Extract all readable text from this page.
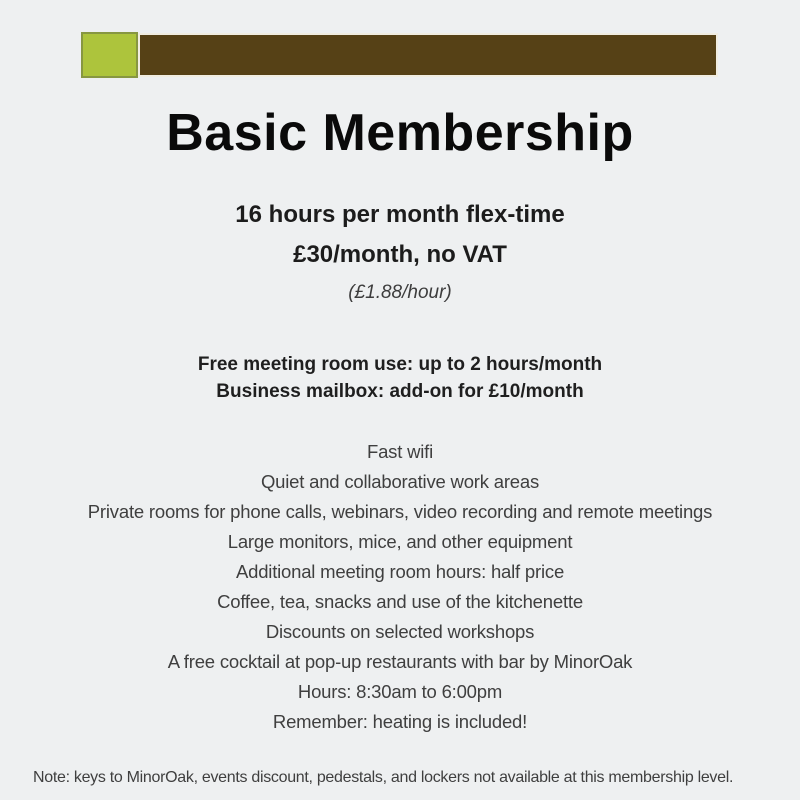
Basic Membership
16 hours per month flex-time
£30/month, no VAT
(£1.88/hour)
Free meeting room use: up to 2 hours/month
Business mailbox: add-on for £10/month
Fast wifi
Quiet and collaborative work areas
Private rooms for phone calls, webinars, video recording and remote meetings
Large monitors, mice, and other equipment
Additional meeting room hours: half price
Coffee, tea, snacks and use of the kitchenette
Discounts on selected workshops
A free cocktail at pop-up restaurants with bar by MinorOak
Hours: 8:30am to 6:00pm
Remember: heating is included!
Note: keys to MinorOak, events discount, pedestals, and lockers not available at this membership level.
